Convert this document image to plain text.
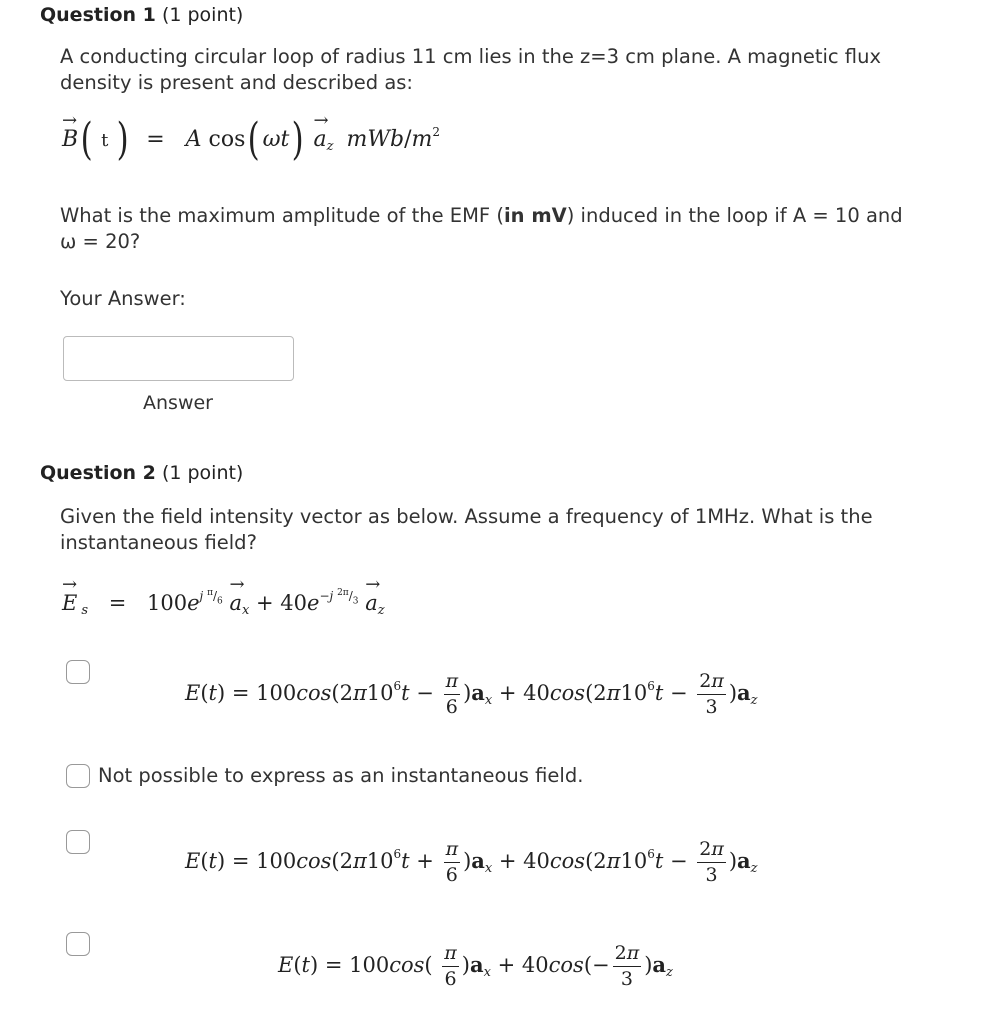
Question 1 (1 point)
A conducting circular loop of radius 11 cm lies in the z=3 cm plane. A magnetic flux density is present and described as:
→ B( t ) = A cos( $\omega t) \to a_z$ mWb/$m^2$
What is the maximum amplitude of the EMF (in mV) induced in the loop if A = 10 and ω = 20?
Your Answer:
Answer
Question 2 (1 point)
Given the field intensity vector as below. Assume a frequency of 1MHz. What is the instantaneous field?
→ E $_s = 100e^{j ^\pi/_6} \to a_x + 40e^{-j ^{2\pi}/_3} \to a_z$
$E(t) = 100\cos(2\pi 10^6t - \frac{\pi}{6} )a_x + 40\cos(2\pi 10^6t - \frac{2\pi}{3} )a_z$
Not possible to express as an instantaneous field.
$E(t) = 100\cos(2\pi 10^6t + \frac{\pi}{6} )a_x + 40\cos(2\pi 10^6t - \frac{2\pi}{3} )a_z$
$E(t) = 100\cos( \frac{\pi}{6} )a_x + 40\cos(- \frac{2\pi}{3} )a_z$
